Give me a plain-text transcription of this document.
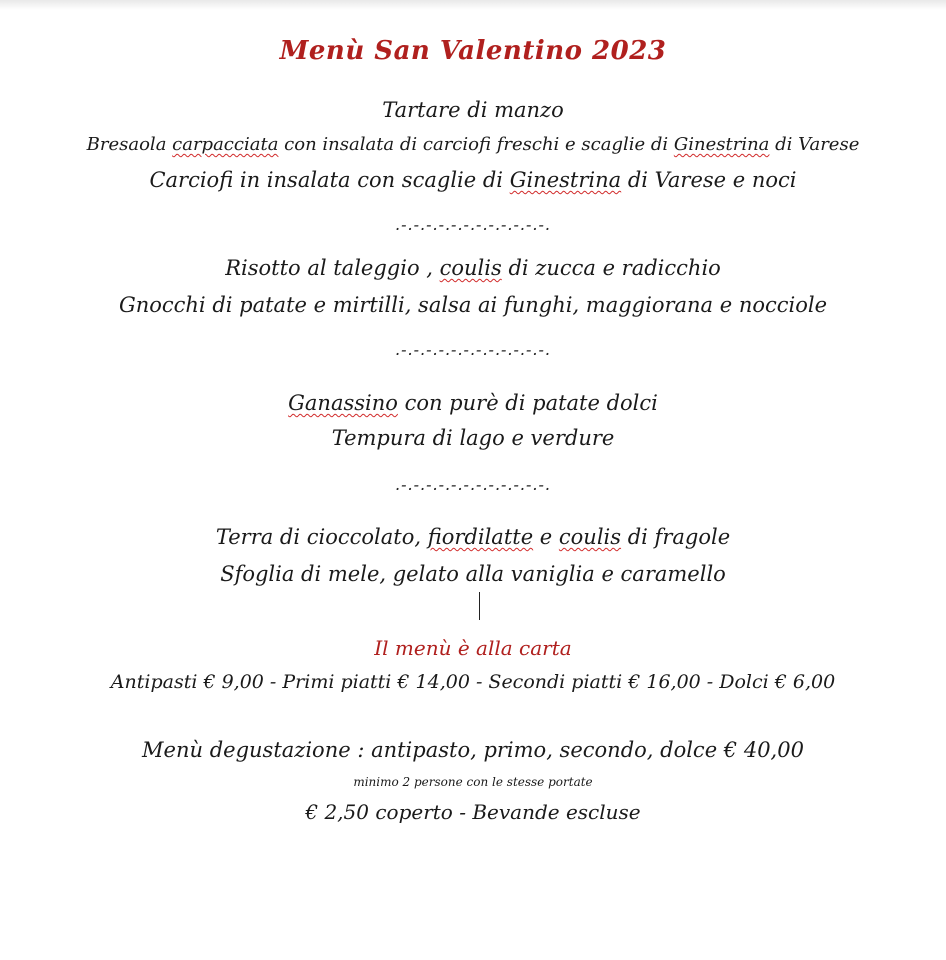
Menù San Valentino 2023
Tartare di manzo
Bresaola carpacciata con insalata di carciofi freschi e scaglie di Ginestrina di Varese
Carciofi in insalata con scaglie di Ginestrina di Varese e noci
.-.-.-.-.-.-.-.-.-.-.-.-.
Risotto al taleggio , coulis di zucca e radicchio
Gnocchi di patate e mirtilli, salsa ai funghi, maggiorana e nocciole
.-.-.-.-.-.-.-.-.-.-.-.-.
Ganassino con purè di patate dolci
Tempura di lago e verdure
.-.-.-.-.-.-.-.-.-.-.-.-.
Terra di cioccolato, fiordilatte e coulis di fragole
Sfoglia di mele, gelato alla vaniglia e caramello
Il menù è alla carta
Antipasti € 9,00 - Primi piatti € 14,00 - Secondi piatti € 16,00 - Dolci € 6,00
Menù degustazione : antipasto, primo, secondo, dolce € 40,00
minimo 2 persone con le stesse portate
€ 2,50 coperto - Bevande escluse
